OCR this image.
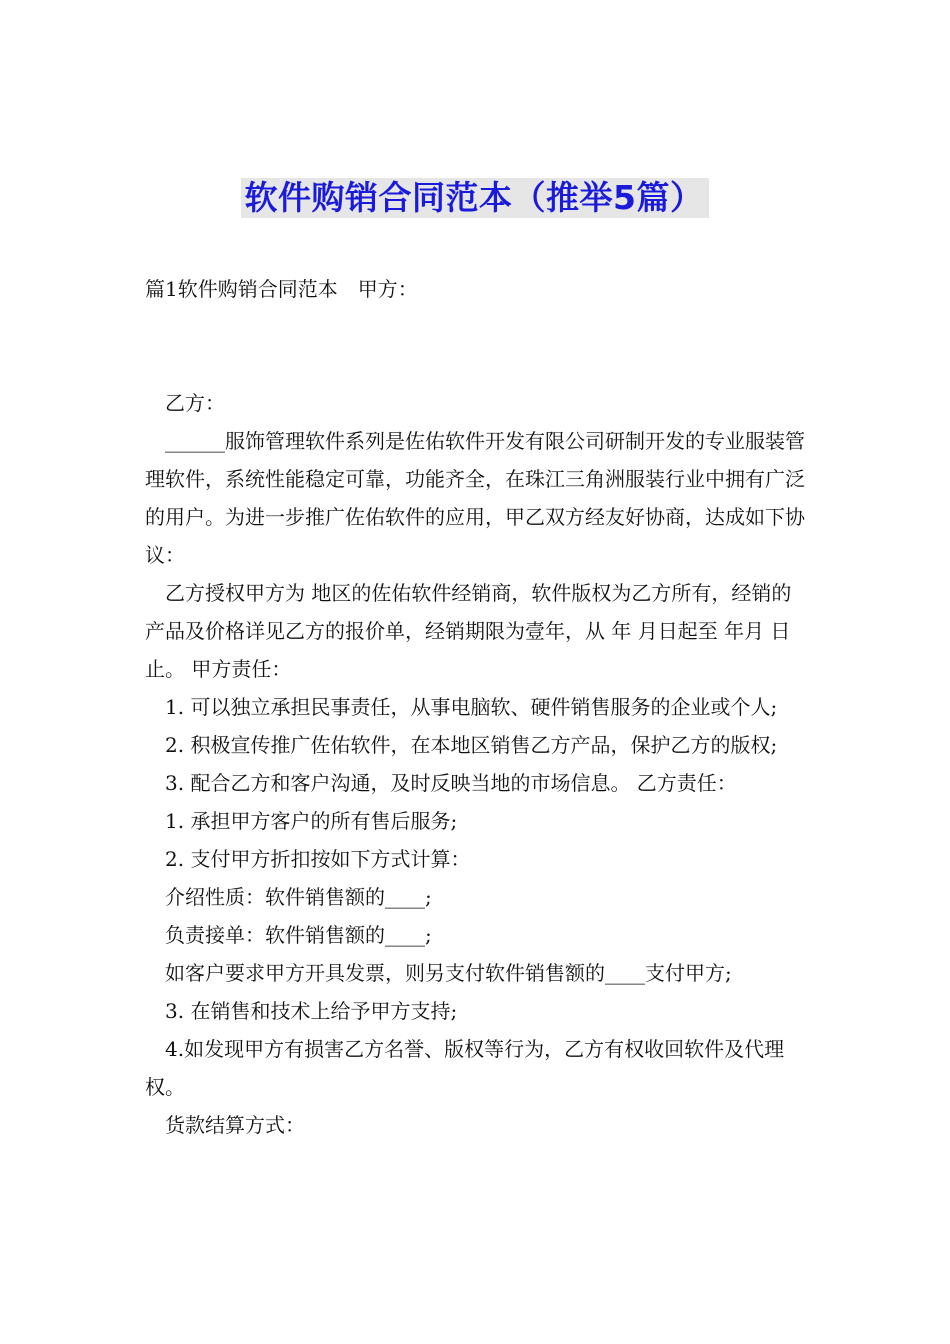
软件购销合同范本（推举5篇）

篇1软件购销合同范本　甲方：

乙方：

______服饰管理软件系列是佐佑软件开发有限公司研制开发的专业服装管理软件，系统性能稳定可靠，功能齐全，在珠江三角洲服装行业中拥有广泛的用户。为进一步推广佐佑软件的应用，甲乙双方经友好协商，达成如下协议：

乙方授权甲方为 地区的佐佑软件经销商，软件版权为乙方所有，经销的产品及价格详见乙方的报价单，经销期限为壹年，从 年 月日起至 年月 日止。 甲方责任：

1. 可以独立承担民事责任，从事电脑软、硬件销售服务的企业或个人;

2. 积极宣传推广佐佑软件，在本地区销售乙方产品，保护乙方的版权;

3. 配合乙方和客户沟通，及时反映当地的市场信息。 乙方责任：

1. 承担甲方客户的所有售后服务;

2. 支付甲方折扣按如下方式计算：

介绍性质：软件销售额的____;

负责接单：软件销售额的____;

如客户要求甲方开具发票，则另支付软件销售额的____支付甲方;

3. 在销售和技术上给予甲方支持;

4.如发现甲方有损害乙方名誉、版权等行为，乙方有权收回软件及代理权。

货款结算方式：
